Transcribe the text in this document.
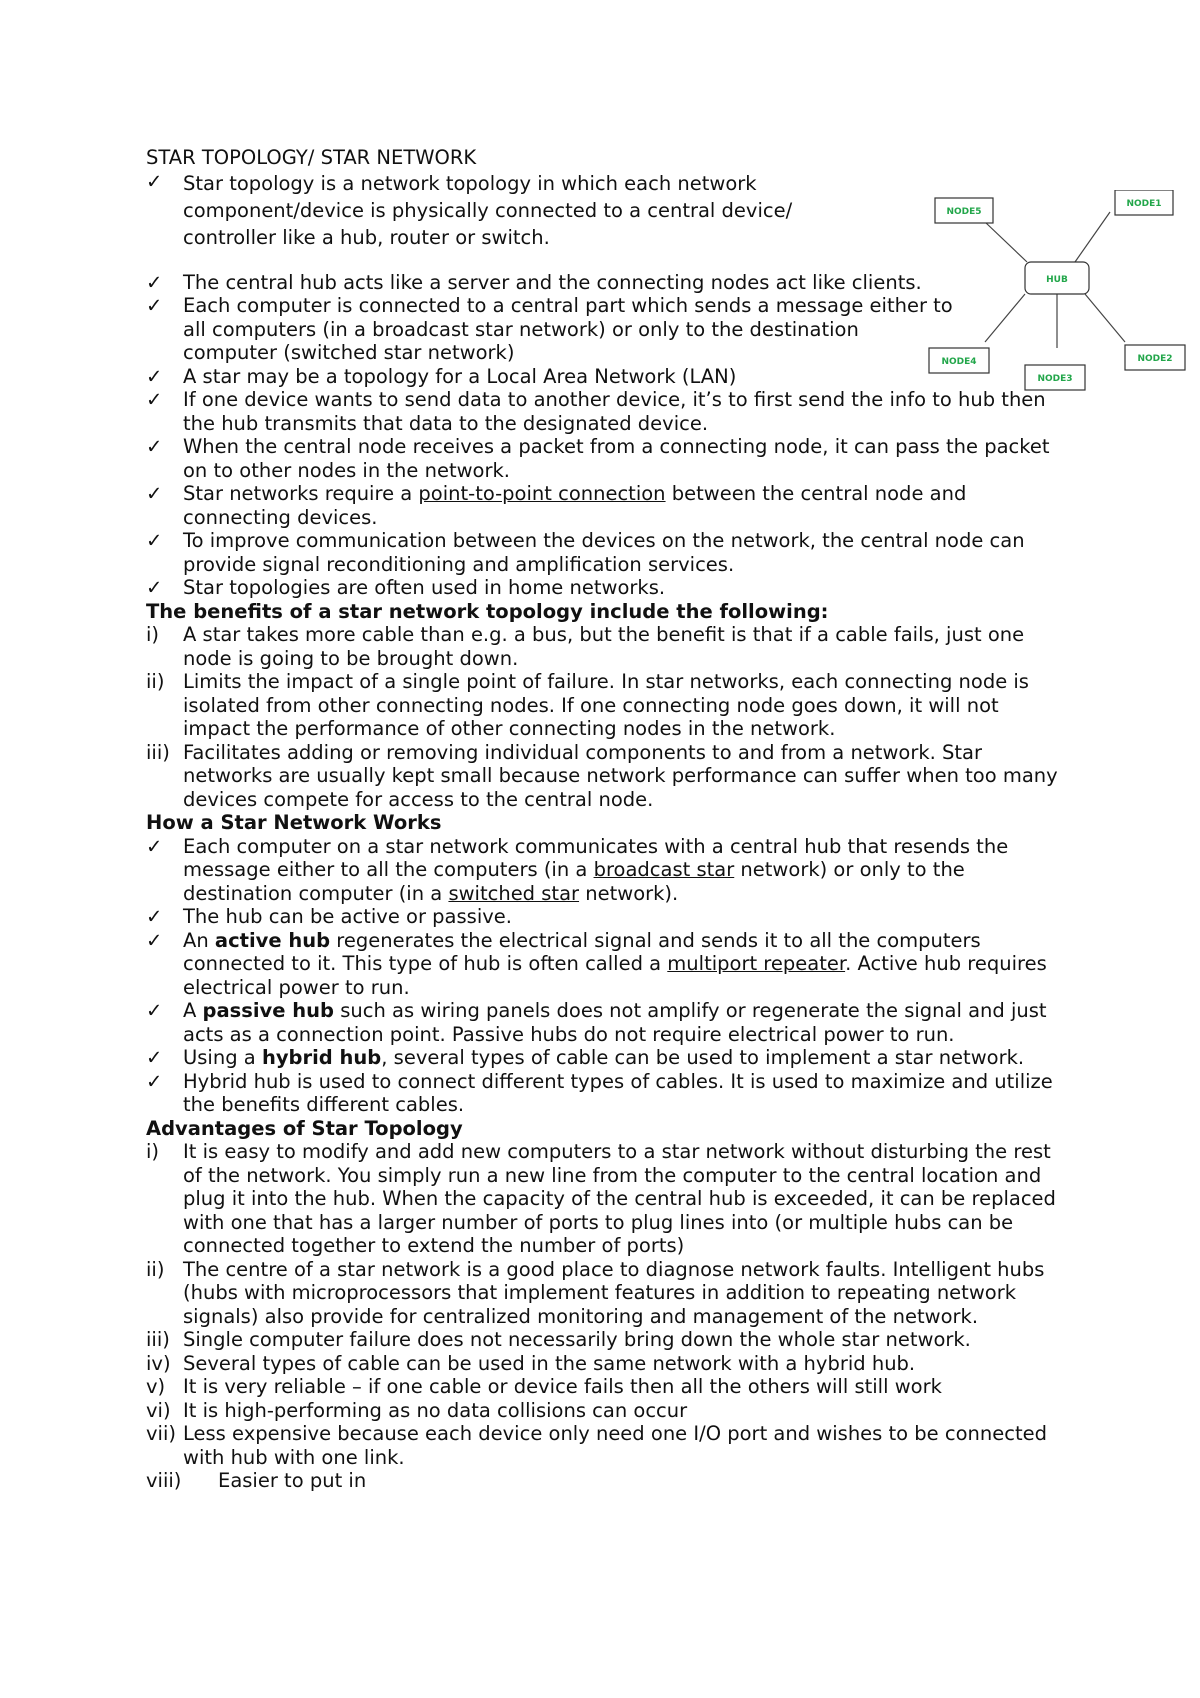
HUB
NODE5
NODE1
NODE4
NODE3
NODE2
STAR TOPOLOGY/ STAR NETWORK
✓ Star topology is a network topology in which each network component/device is physically connected to a central device/ controller like a hub, router or switch.
✓ The central hub acts like a server and the connecting nodes act like clients.
✓ Each computer is connected to a central part which sends a message either to all computers (in a broadcast star network) or only to the destination computer (switched star network)
✓ A star may be a topology for a Local Area Network (LAN)
✓ If one device wants to send data to another device, it’s to first send the info to hub then the hub transmits that data to the designated device.
✓ When the central node receives a packet from a connecting node, it can pass the packet on to other nodes in the network.
✓ Star networks require a point-to-point connection between the central node and connecting devices.
✓ To improve communication between the devices on the network, the central node can provide signal reconditioning and amplification services.
✓ Star topologies are often used in home networks.
The benefits of a star network topology include the following:
i) A star takes more cable than e.g. a bus, but the benefit is that if a cable fails, just one node is going to be brought down.
ii) Limits the impact of a single point of failure. In star networks, each connecting node is isolated from other connecting nodes. If one connecting node goes down, it will not impact the performance of other connecting nodes in the network.
iii) Facilitates adding or removing individual components to and from a network. Star networks are usually kept small because network performance can suffer when too many devices compete for access to the central node.
How a Star Network Works
✓ Each computer on a star network communicates with a central hub that resends the message either to all the computers (in a broadcast star network) or only to the destination computer (in a switched star network).
✓ The hub can be active or passive.
✓ An active hub regenerates the electrical signal and sends it to all the computers connected to it. This type of hub is often called a multiport repeater. Active hub requires electrical power to run.
✓ A passive hub such as wiring panels does not amplify or regenerate the signal and just acts as a connection point. Passive hubs do not require electrical power to run.
✓ Using a hybrid hub, several types of cable can be used to implement a star network.
✓ Hybrid hub is used to connect different types of cables. It is used to maximize and utilize the benefits different cables.
Advantages of Star Topology
i) It is easy to modify and add new computers to a star network without disturbing the rest of the network. You simply run a new line from the computer to the central location and plug it into the hub. When the capacity of the central hub is exceeded, it can be replaced with one that has a larger number of ports to plug lines into (or multiple hubs can be connected together to extend the number of ports)
ii) The centre of a star network is a good place to diagnose network faults. Intelligent hubs (hubs with microprocessors that implement features in addition to repeating network signals) also provide for centralized monitoring and management of the network.
iii) Single computer failure does not necessarily bring down the whole star network.
iv) Several types of cable can be used in the same network with a hybrid hub.
v) It is very reliable – if one cable or device fails then all the others will still work
vi) It is high-performing as no data collisions can occur
vii) Less expensive because each device only need one I/O port and wishes to be connected with hub with one link.
viii) Easier to put in
